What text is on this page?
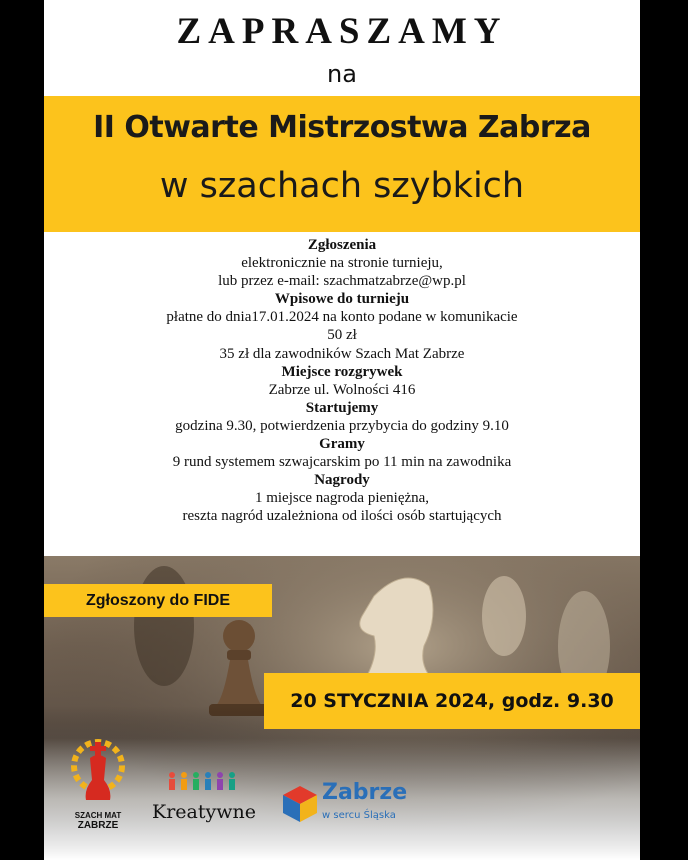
ZAPRASZAMY
na
II Otwarte Mistrzostwa Zabrza
w szachach szybkich
Zgłoszenia
elektronicznie na stronie turnieju,
lub przez e-mail: szachmatzabrze@wp.pl
Wpisowe do turnieju
płatne do dnia17.01.2024 na konto podane w komunikacie
50 zł
35 zł dla zawodników Szach Mat Zabrze
Miejsce rozgrywek
Zabrze ul. Wolności 416
Startujemy
godzina 9.30, potwierdzenia przybycia do godziny 9.10
Gramy
9 rund systemem szwajcarskim po 11 min na zawodnika
Nagrody
1 miejsce nagroda pieniężna,
reszta nagród uzależniona od ilości osób startujących
Zgłoszony do FIDE
20 STYCZNIA 2024, godz. 9.30
SZACH MAT
ZABRZE
Kreatywne
Zabrze
w sercu Śląska
